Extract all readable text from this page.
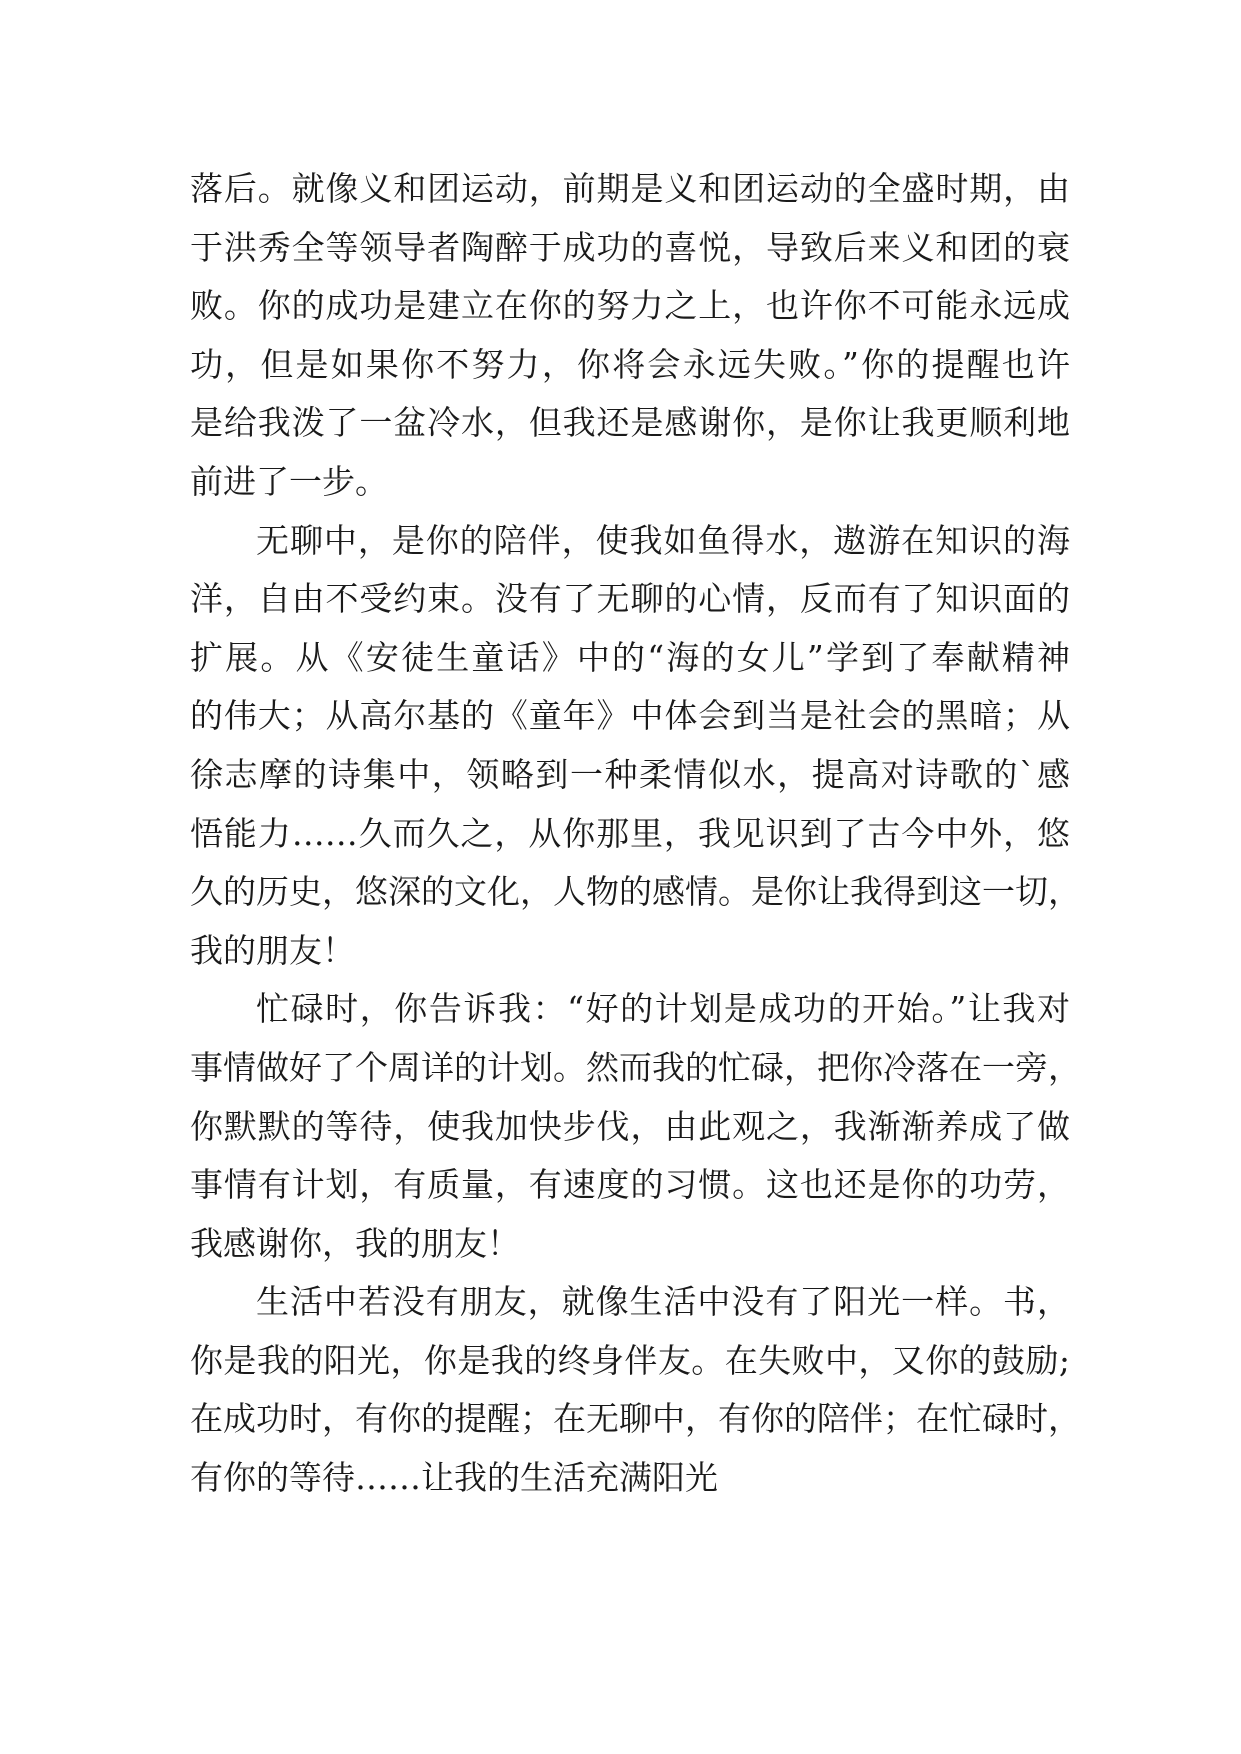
落后。就像义和团运动，前期是义和团运动的全盛时期，由
于洪秀全等领导者陶醉于成功的喜悦，导致后来义和团的衰
败。你的成功是建立在你的努力之上，也许你不可能永远成
功，但是如果你不努力，你将会永远失败。”你的提醒也许
是给我泼了一盆冷水，但我还是感谢你，是你让我更顺利地
前进了一步。
无聊中，是你的陪伴，使我如鱼得水，遨游在知识的海
洋，自由不受约束。没有了无聊的心情，反而有了知识面的
扩展。从《安徒生童话》中的“海的女儿”学到了奉献精神
的伟大；从高尔基的《童年》中体会到当是社会的黑暗；从
徐志摩的诗集中，领略到一种柔情似水，提高对诗歌的`感
悟能力……久而久之，从你那里，我见识到了古今中外，悠
久的历史，悠深的文化，人物的感情。是你让我得到这一切，
我的朋友！
忙碌时，你告诉我：“好的计划是成功的开始。”让我对
事情做好了个周详的计划。然而我的忙碌，把你冷落在一旁，
你默默的等待，使我加快步伐，由此观之，我渐渐养成了做
事情有计划，有质量，有速度的习惯。这也还是你的功劳，
我感谢你，我的朋友！
生活中若没有朋友，就像生活中没有了阳光一样。书，
你是我的阳光，你是我的终身伴友。在失败中，又你的鼓励;
在成功时，有你的提醒；在无聊中，有你的陪伴；在忙碌时，
有你的等待……让我的生活充满阳光
